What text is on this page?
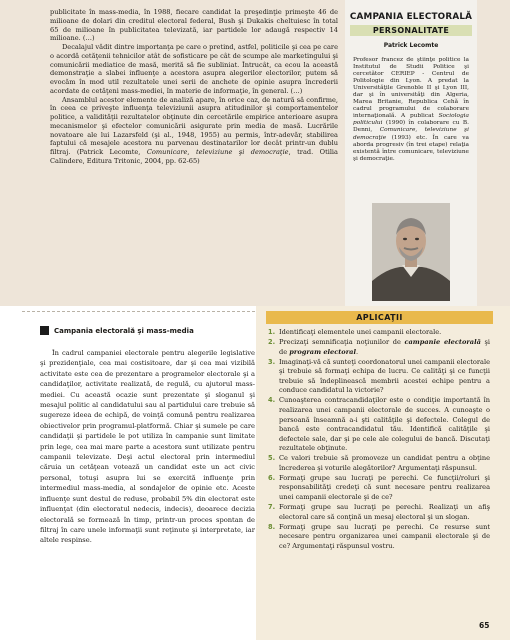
publicitate în mass-media, în 1988, fiecare candidat la preşedinţie primeşte 46 de milioane de dolari din creditul electoral federal, Bush şi Dukakis cheltuiesc în total 65 de milioane în publicitatea televizată, iar partidele lor adaugă respectiv 14 milioane. (…)

Decalajul vădit dintre importanţa pe care o pretind, astfel, politicile şi cea pe care o acordă cetăţenii tehnicilor atât de sofisticare pe cât de scumpe ale marketingului şi comunicării mediatice de masă, merită să fie subliniat. Întrucât, ca ecou la această demonstraţie a slabei influenţe a acestora asupra alegerilor electorilor, putem să evocăm în mod util rezultatele unei serii de anchete de opinie asupra încrederii acordate de cetăţeni mass-mediei, în materie de informaţie, în general. (…)

Ansamblul acestor elemente de analiză apare, în orice caz, de natură să confirme, în ceea ce priveşte influenţa televiziunii asupra atitudinilor şi comportamentelor politice, a validităţii rezultatelor obţinute din cercetările empirice anterioare asupra mecanismelor şi efectelor comunicării asigurate prin media de masă. Lucrările novatoare ale lui Lazarsfeld (şi al., 1948, 1955) au permis, într-adevăr, stabilirea faptului că mesajele acestora nu parvenau destinatarilor lor decât printr-un dublu filtraj. (Patrick Lecomte, Comunicare, televiziune şi democraţie, trad. Otilia Calindere, Editura Tritonic, 2004, pp. 62-65)

CAMPANIA ELECTORALĂ
PERSONALITATE
Patrick Lecomte
Profesor francez de ştiinţe politice la Institutul de Studii Politice şi cercetător CERIEP - Centrul de Politologie din Lyon. A predat la Universităţile Grenoble II şi Lyon III, dar şi în universităţi din Algeria, Marea Britanie, Republica Cehă în cadrul programului de colaborare internaţională. A publicat Sociologia politicului (1990) în colaborare cu B. Denni, Comunicare, televiziune şi democraţie (1993) etc. În care va aborda progresiv (în trei etape) relaţia existentă între comunicare, televiziune şi democraţie.
Campania electorală şi mass-media

În cadrul campaniei electorale pentru alegerile legislative şi prezidenţiale, cea mai costisitoare, dar şi cea mai vizibilă activitate este cea de prezentare a programelor electorale şi a candidaţilor, activitate realizată, de regulă, cu ajutorul mass-mediei. Cu această ocazie sunt prezentate şi sloganul şi mesajul politic al candidatului sau al partidului care trebuie să sugereze ideea de echipă, de voinţă comună pentru realizarea obiectivelor prin programul-platformă. Chiar şi sumele pe care candidaţii şi partidele le pot utiliza în campanie sunt limitate prin lege, cea mai mare parte a acestora sunt utilizate pentru campanii televizate. Deşi actul electoral prin intermediul căruia un cetăţean votează un candidat este un act civic personal, totuşi asupra lui se exercită influenţe prin intermediul mass-media, al sondajelor de opinie etc. Aceste influenţe sunt destul de reduse, probabil 5% din electorat este influenţat (din electoratul nedecis, indecis), deoarece decizia electorală se formează în timp, printr-un proces spontan de filtraj în care unele informaţii sunt reţinute şi interpretate, iar altele respinse.

APLICAŢII
1. Identificaţi elementele unei campanii electorale.
2. Precizaţi semnificaţia noţiunilor de campanie electorală şi de program electoral.
3. Imaginaţi-vă că sunteţi coordonatorul unei campanii electorale şi trebuie să formaţi echipa de lucru. Ce calităţi şi ce funcţii trebuie să îndeplinească membrii acestei echipe pentru a conduce candidatul la victorie?
4. Cunoaşterea contracandidaţilor este o condiţie importantă în realizarea unei campanii electorale de succes. A cunoaşte o persoană înseamnă a-i şti calităţile şi defectele. Colegul de bancă este contracandidatul tău. Identifică calităţile şi defectele sale, dar şi pe cele ale colegului de bancă. Discutaţi rezultatele obţinute.
5. Ce valori trebuie să promoveze un candidat pentru a obţine încrederea şi voturile alegătorilor? Argumentaţi răspunsul.
6. Formaţi grupe sau lucraţi pe perechi. Ce funcţii/roluri şi responsabilităţi credeţi că sunt necesare pentru realizarea unei campanii electorale şi de ce?
7. Formaţi grupe sau lucraţi pe perechi. Realizaţi un afiş electoral care să conţină un mesaj electoral şi un slogan.
8. Formaţi grupe sau lucraţi pe perechi. Ce resurse sunt necesare pentru organizarea unei campanii electorale şi de ce? Argumentaţi răspunsul vostru.
65
